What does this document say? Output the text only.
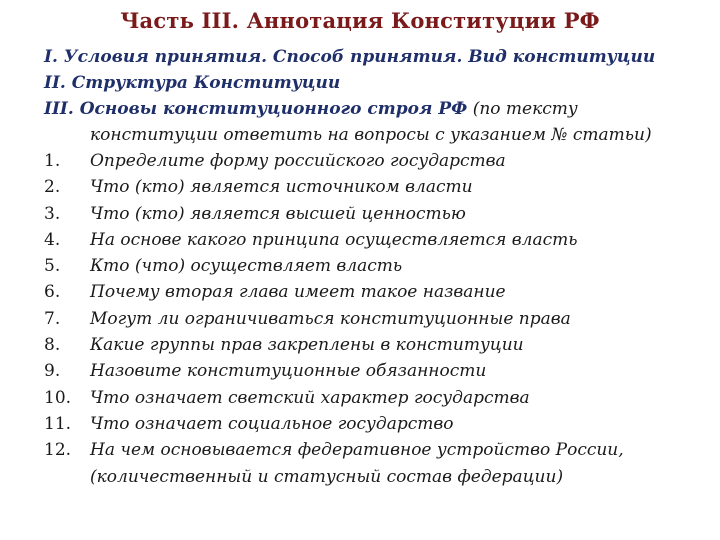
Часть III. Аннотация Конституции РФ
I. Условия принятия. Способ принятия. Вид конституции
II. Структура Конституции
III. Основы конституционного строя РФ (по тексту
конституции ответить на вопросы с указанием № статьи)
1.	Определите форму российского государства
2.	Что (кто) является источником власти
3.	Что (кто) является высшей ценностью
4.	На основе какого принципа осуществляется власть
5.	Кто (что) осуществляет власть
6.	Почему вторая глава имеет такое название
7.	Могут ли ограничиваться конституционные права
8.	Какие группы прав закреплены в конституции
9.	Назовите конституционные обязанности
10.	Что означает светский характер государства
11.	Что означает социальное государство
12.	На чем основывается федеративное устройство России,
(количественный и статусный состав федерации)
